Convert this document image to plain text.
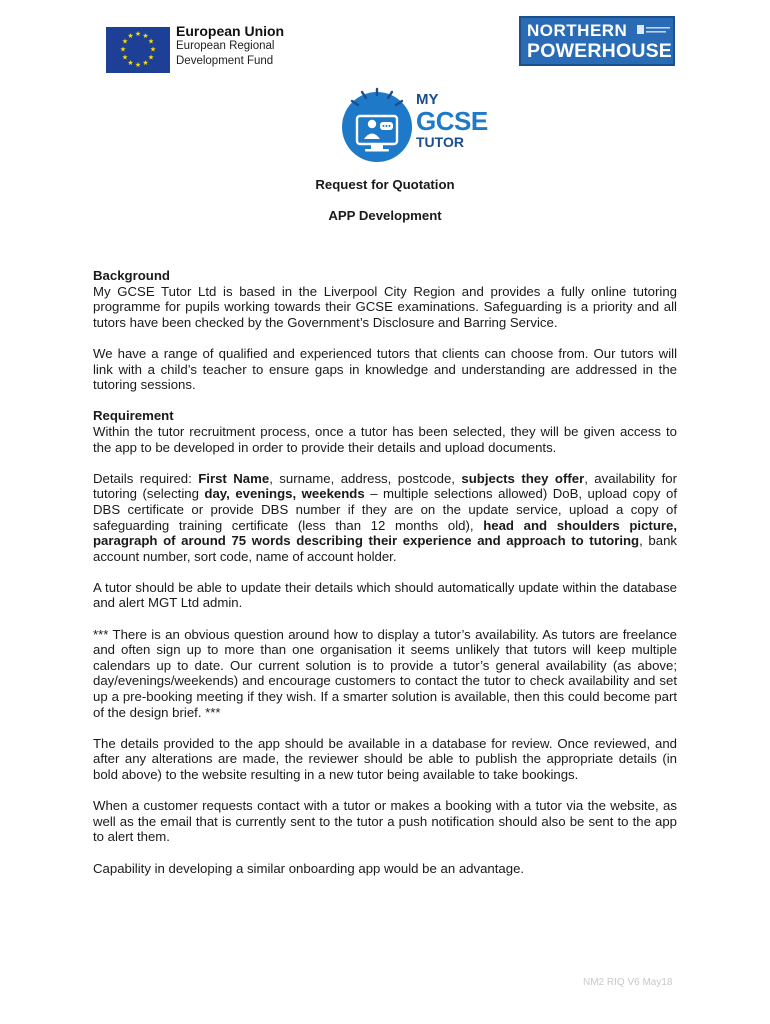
★ ★
★
★
★
★
★
★
★
★
★
★	European Union
European Regional
Development Fund
NORTHERN
POWERHOUSE
MY
GCSE
TUTOR
Request for Quotation
APP Development
Background

My GCSE Tutor Ltd is based in the Liverpool City Region and provides a fully online tutoring programme for pupils working towards their GCSE examinations. Safeguarding is a priority and all tutors have been checked by the Government’s Disclosure and Barring Service.

We have a range of qualified and experienced tutors that clients can choose from. Our tutors will link with a child’s teacher to ensure gaps in knowledge and understanding are addressed in the tutoring sessions.

Requirement

Within the tutor recruitment process, once a tutor has been selected, they will be given access to the app to be developed in order to provide their details and upload documents.

Details required: First Name, surname, address, postcode, subjects they offer, availability for tutoring (selecting day, evenings, weekends – multiple selections allowed) DoB, upload copy of DBS certificate or provide DBS number if they are on the update service, upload a copy of safeguarding training certificate (less than 12 months old), head and shoulders picture, paragraph of around 75 words describing their experience and approach to tutoring, bank account number, sort code, name of account holder.

A tutor should be able to update their details which should automatically update within the database and alert MGT Ltd admin.

*** There is an obvious question around how to display a tutor’s availability. As tutors are freelance and often sign up to more than one organisation it seems unlikely that tutors will keep multiple calendars up to date. Our current solution is to provide a tutor’s general availability (as above; day/evenings/weekends) and encourage customers to contact the tutor to check availability and set up a pre-booking meeting if they wish. If a smarter solution is available, then this could become part of the design brief. ***

The details provided to the app should be available in a database for review. Once reviewed, and after any alterations are made, the reviewer should be able to publish the appropriate details (in bold above) to the website resulting in a new tutor being available to take bookings.

When a customer requests contact with a tutor or makes a booking with a tutor via the website, as well as the email that is currently sent to the tutor a push notification should also be sent to the app to alert them.

Capability in developing a similar onboarding app would be an advantage.

NM2 RIQ V6 May18
